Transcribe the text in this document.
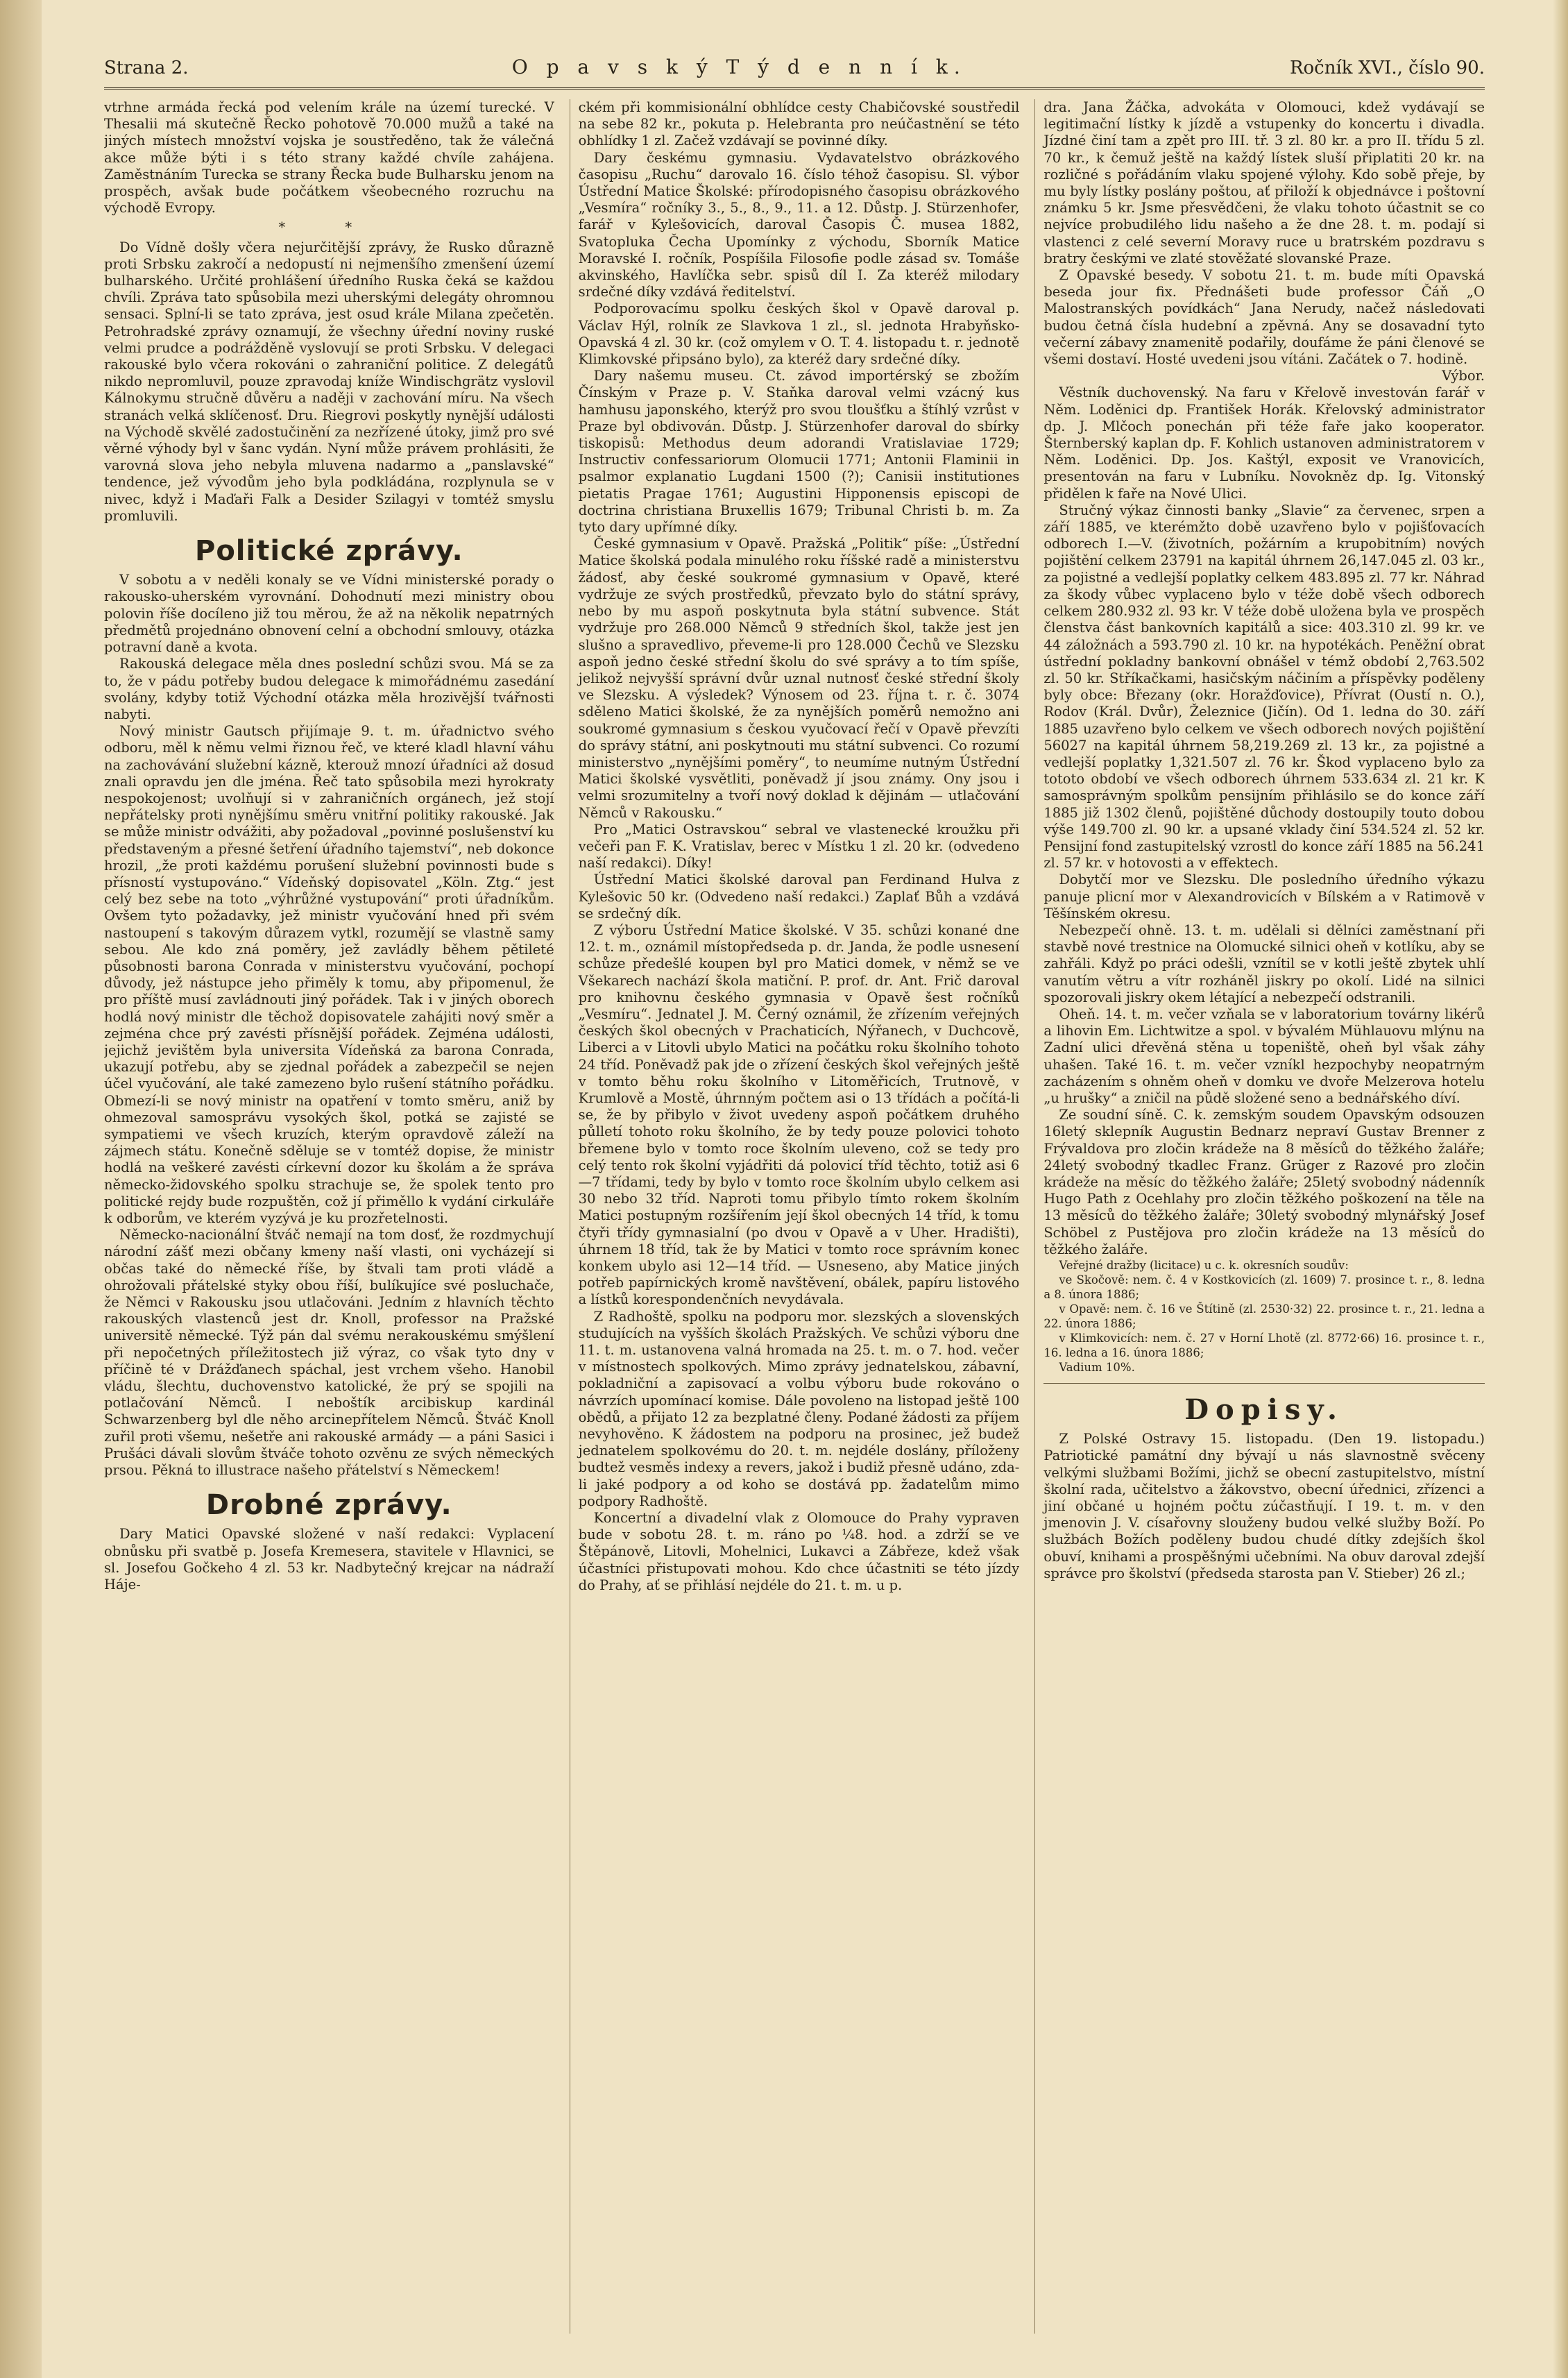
Strana 2.	O p a v s k ý T ý d e n n í k.	Ročník XVI., číslo 90.

vtrhne armáda řecká pod velením krále na území turecké. V Thesalii má skutečně Řecko pohotově 70.000 mužů a také na jiných místech množství vojska je soustředěno, tak že válečná akce může býti i s této strany každé chvíle zahájena. Zaměstnáním Turecka se strany Řecka bude Bulharsku jenom na prospěch, avšak bude počátkem všeobecného rozruchu na východě Evropy.

* *

Do Vídně došly včera nejurčitější zprávy, že Rusko důrazně proti Srbsku zakročí a nedopustí ni nejmenšího zmenšení území bulharského. Určité prohlášení úředního Ruska čeká se každou chvíli. Zpráva tato spůsobila mezi uherskými delegáty ohromnou sensaci. Splní-li se tato zpráva, jest osud krále Milana zpečetěn. Petrohradské zprávy oznamují, že všechny úřední noviny ruské velmi prudce a podrážděně vyslovují se proti Srbsku. V delegaci rakouské bylo včera rokováni o zahraniční politice. Z delegátů nikdo nepromluvil, pouze zpravodaj kníže Windischgrätz vyslovil Kálnokymu stručně důvěru a naději v zachování míru. Na všech stranách velká sklíčenosť. Dru. Riegrovi poskytly nynější události na Východě skvělé zadostučinění za nezřízené útoky, jimž pro své věrné výhody byl v šanc vydán. Nyní může právem prohlásiti, že varovná slova jeho nebyla mluvena nadarmo a „panslavské“ tendence, jež vývodům jeho byla podkládána, rozplynula se v nivec, když i Maďaři Falk a Desider Szilagyi v tomtéž smyslu promluvili.

Politické zprávy.

V sobotu a v neděli konaly se ve Vídni ministerské porady o rakousko-uherském vyrovnání. Dohodnutí mezi ministry obou polovin říše docíleno již tou měrou, že až na několik nepatrných předmětů projednáno obnovení celní a obchodní smlouvy, otázka potravní daně a kvota.

Rakouská delegace měla dnes poslední schůzi svou. Má se za to, že v pádu potřeby budou delegace k mimořádnému zasedání svolány, kdyby totiž Východní otázka měla hrozivější tvářnosti nabyti.

Nový ministr Gautsch přijímaje 9. t. m. úřadnictvo svého odboru, měl k němu velmi řiznou řeč, ve které kladl hlavní váhu na zachovávání služební kázně, kterouž mnozí úřadníci až dosud znali opravdu jen dle jména. Řeč tato spůsobila mezi hyrokraty nespokojenost; uvolňují si v zahraničních orgánech, jež stojí nepřátelsky proti nynějšímu směru vnitřní politiky rakouské. Jak se může ministr odvážiti, aby požadoval „povinné poslušenství ku představeným a přesné šetření úřadního tajemství“, neb dokonce hrozil, „že proti každému porušení služební povinnosti bude s přísností vystupováno.“ Vídeňský dopisovatel „Köln. Ztg.“ jest celý bez sebe na toto „výhrůžné vystupování“ proti úřadníkům. Ovšem tyto požadavky, jež ministr vyučování hned při svém nastoupení s takovým důrazem vytkl, rozumějí se vlastně samy sebou. Ale kdo zná poměry, jež zavládly během pětileté působnosti barona Conrada v ministerstvu vyučování, pochopí důvody, jež nástupce jeho přiměly k tomu, aby připomenul, že pro příště musí zavládnouti jiný pořádek. Tak i v jiných oborech hodlá nový ministr dle těchož dopisovatele zahájiti nový směr a zejména chce prý zavésti přísnější pořádek. Zejména události, jejichž jevištěm byla universita Vídeňská za barona Conrada, ukazují potřebu, aby se zjednal pořádek a zabezpečil se nejen účel vyučování, ale také zamezeno bylo rušení státního pořádku. Obmezí-li se nový ministr na opatření v tomto směru, aniž by ohmezoval samosprávu vysokých škol, potká se zajisté se sympatiemi ve všech kruzích, kterým opravdově záleží na zájmech státu. Konečně sděluje se v tomtéž dopise, že ministr hodlá na veškeré zavésti církevní dozor ku školám a že správa německo-židovského spolku strachuje se, že spolek tento pro politické rejdy bude rozpuštěn, což jí přiměllo k vydání cirkuláře k odborům, ve kterém vyzývá je ku prozřetelnosti.

Německo-nacionální štváč nemají na tom dosť, že rozdmychují národní zášť mezi občany kmeny naší vlasti, oni vycházejí si občas také do německé říše, by štvali tam proti vládě a ohrožovali přátelské styky obou říší, bulíkujíce své posluchače, že Němci v Rakousku jsou utlačováni. Jedním z hlavních těchto rakouských vlastenců jest dr. Knoll, professor na Pražské universitě německé. Týž pán dal svému nerakouskému smýšlení při nepočetných příležitostech již výraz, co však tyto dny v příčině té v Drážďanech spáchal, jest vrchem všeho. Hanobil vládu, šlechtu, duchovenstvo katolické, že prý se spojili na potlačování Němců. I neboštík arcibiskup kardinál Schwarzenberg byl dle něho arcinepřítelem Němců. Štváč Knoll zuřil proti všemu, nešetře ani rakouské armády — a páni Sasici i Prušáci dávali slovům štváče tohoto ozvěnu ze svých německých prsou. Pěkná to illustrace našeho přátelství s Německem!

Drobné zprávy.

Dary Matici Opavské složené v naší redakci: Vyplacení obnůsku při svatbě p. Josefa Kremesera, stavitele v Hlavnici, se sl. Josefou Gočkeho 4 zl. 53 kr. Nadbytečný krejcar na nádraží Háje-

ckém při kommisionální obhlídce cesty Chabičovské soustředil na sebe 82 kr., pokuta p. Helebranta pro neúčastnění se této obhlídky 1 zl. Začež vzdávají se povinné díky.

Dary českému gymnasiu. Vydavatelstvo obrázkového časopisu „Ruchu“ darovalo 16. číslo téhož časopisu. Sl. výbor Ústřední Matice Školské: přírodopisného časopisu obrázkového „Vesmíra“ ročníky 3., 5., 8., 9., 11. a 12. Důstp. J. Stürzenhofer, farář v Kylešovicích, daroval Časopis Č. musea 1882, Svatopluka Čecha Upomínky z východu, Sborník Matice Moravské I. ročník, Pospíšila Filosofie podle zásad sv. Tomáše akvinského, Havlíčka sebr. spisů díl I. Za kteréž milodary srdečné díky vzdává ředitelství.

Podporovacímu spolku českých škol v Opavě daroval p. Václav Hýl, rolník ze Slavkova 1 zl., sl. jednota Hrabyňsko-Opavská 4 zl. 30 kr. (což omylem v O. T. 4. listopadu t. r. jednotě Klimkovské připsáno bylo), za kteréž dary srdečné díky.

Dary našemu museu. Ct. závod importérský se zbožím Čínským v Praze p. V. Staňka daroval velmi vzácný kus hamhusu japonského, kterýž pro svou tloušťku a štíhlý vzrůst v Praze byl obdivován. Důstp. J. Stürzenhofer daroval do sbírky tiskopisů: Methodus deum adorandi Vratislaviae 1729; Instructiv confessariorum Olomucii 1771; Antonii Flaminii in psalmor explanatio Lugdani 1500 (?); Canisii institutiones pietatis Pragae 1761; Augustini Hipponensis episcopi de doctrina christiana Bruxellis 1679; Tribunal Christi b. m. Za tyto dary upřímné díky.

České gymnasium v Opavě. Pražská „Politik“ píše: „Ústřední Matice školská podala minulého roku říšské radě a ministerstvu žádosť, aby české soukromé gymnasium v Opavě, které vydržuje ze svých prostředků, převzato bylo do státní správy, nebo by mu aspoň poskytnuta byla státní subvence. Stát vydržuje pro 268.000 Němců 9 středních škol, takže jest jen slušno a spravedlivo, převeme-li pro 128.000 Čechů ve Slezsku aspoň jedno české střední školu do své správy a to tím spíše, jelikož nejvyšší správní dvůr uznal nutnosť české střední školy ve Slezsku. A výsledek? Výnosem od 23. října t. r. č. 3074 sděleno Matici školské, že za nynějších poměrů nemožno ani soukromé gymnasium s českou vyučovací řečí v Opavě převzíti do správy státní, ani poskytnouti mu státní subvenci. Co rozumí ministerstvo „nynějšími poměry“, to neumíme nutným Ústřední Matici školské vysvětliti, poněvadž jí jsou známy. Ony jsou i velmi srozumitelny a tvoří nový doklad k dějinám — utlačování Němců v Rakousku.“

Pro „Matici Ostravskou“ sebral ve vlastenecké kroužku při večeři pan F. K. Vratislav, berec v Místku 1 zl. 20 kr. (odvedeno naší redakci). Díky!

Ústřední Matici školské daroval pan Ferdinand Hulva z Kylešovic 50 kr. (Odvedeno naší redakci.) Zaplať Bůh a vzdává se srdečný dík.

Z výboru Ústřední Matice školské. V 35. schůzi konané dne 12. t. m., oznámil místopředseda p. dr. Janda, že podle usnesení schůze předešlé koupen byl pro Matici domek, v němž se ve Všekarech nachází škola matiční. P. prof. dr. Ant. Frič daroval pro knihovnu českého gymnasia v Opavě šest ročníků „Vesmíru“. Jednatel J. M. Černý oznámil, že zřízením veřejných českých škol obecných v Prachaticích, Nýřanech, v Duchcově, Liberci a v Litovli ubylo Matici na počátku roku školního tohoto 24 tříd. Poněvadž pak jde o zřízení českých škol veřejných ještě v tomto běhu roku školního v Litoměřicích, Trutnově, v Krumlově a Mostě, úhrnným počtem asi o 13 třídách a počítá-li se, že by přibylo v život uvedeny aspoň počátkem druhého půlletí tohoto roku školního, že by tedy pouze polovici tohoto břemene bylo v tomto roce školním ulevenо, což se tedy pro celý tento rok školní vyjádřiti dá polovicí tříd těchto, totiž asi 6—7 třídami, tedy by bylo v tomto roce školním ubylo celkem asi 30 nebo 32 tříd. Naproti tomu přibylo tímto rokem školním Matici postupným rozšířením její škol obecných 14 tříd, k tomu čtyři třídy gymnasialní (po dvou v Opavě a v Uher. Hradišti), úhrnem 18 tříd, tak že by Matici v tomto roce správním konec konkem ubylo asi 12—14 tříd. — Usneseno, aby Matice jiných potřeb papírnických kromě navštěvení, obálek, papíru listového a lístků korespondenčních nevydávala.

Z Radhoště, spolku na podporu mor. slezských a slovenských studujících na vyšších školách Pražských. Ve schůzi výboru dne 11. t. m. ustanovena valná hromada na 25. t. m. o 7. hod. večer v místnostech spolkových. Mimo zprávy jednatelskou, zábavní, pokladniční a zapisovací a volbu výboru bude rokováno o návrzích upomínací komise. Dále povoleno na listopad ještě 100 obědů, a přijato 12 za bezplatné členy. Podané žádosti za příjem nevyhověno. K žádostem na podporu na prosinec, jež budež jednatelem spolkovému do 20. t. m. nejdéle doslány, příloženy budtež vesměs indexy a revers, jakož i budiž přesně udáno, zda-li jaké podpory a od koho se dostává pp. žadatelům mimo podpory Radhoště.

Koncertní a divadelní vlak z Olomouce do Prahy vypraven bude v sobotu 28. t. m. ráno po ¼8. hod. a zdrží se ve Štěpánově, Litovli, Mohelnici, Lukavci a Zábřeze, kdež však účastníci přistupovati mohou. Kdo chce účastniti se této jízdy do Prahy, ať se přihlásí nejdéle do 21. t. m. u p.

dra. Jana Žáčka, advokáta v Olomouci, kdež vydávají se legitimační lístky k jízdě a vstupenky do koncertu i divadla. Jízdné činí tam a zpět pro III. tř. 3 zl. 80 kr. a pro II. třídu 5 zl. 70 kr., k čemuž ještě na každý lístek sluší připlatiti 20 kr. na rozličné s pořádáním vlaku spojené výlohy. Kdo sobě přeje, by mu byly lístky poslány poštou, ať přiloží k objednávce i poštovní známku 5 kr. Jsme přesvědčeni, že vlaku tohoto účastnit se co nejvíce probudilého lidu našeho a že dne 28. t. m. podají si vlastenci z celé severní Moravy ruce u bratrském pozdravu s bratry českými ve zlaté stověžaté slovanské Praze.

Z Opavské besedy. V sobotu 21. t. m. bude míti Opavská beseda jour fix. Přednášeti bude professor Čáň „O Malostranských povídkách“ Jana Nerudy, načež následovati budou četná čísla hudební a zpěvná. Any se dosavadní tyto večerní zábavy znamenitě podařily, doufáme že páni členové se všemi dostaví. Hosté uvedeni jsou vítáni. Začátek o 7. hodině.

Výbor.

Věstník duchovenský. Na faru v Křelově investován farář v Něm. Loděnici dp. František Horák. Křelovský administrator dp. J. Mlčoch ponechán při téže faře jako kooperator. Šternberský kaplan dp. F. Kohlich ustanoven administratorem v Něm. Loděnici. Dp. Jos. Kaštýl, exposit ve Vranovicích, presentován na faru v Lubníku. Novokněz dp. Ig. Vitonský přidělen k faře na Nové Ulici.

Stručný výkaz činnosti banky „Slavie“ za červenec, srpen a září 1885, ve kterémžto době uzavřeno bylo v pojišťovacích odborech I.—V. (životních, požárním a krupobitním) nových pojištění celkem 23791 na kapitál úhrnem 26,147.045 zl. 03 kr., za pojistné a vedlejší poplatky celkem 483.895 zl. 77 kr. Náhrad za škody vůbec vyplaceno bylo v téže době všech odborech celkem 280.932 zl. 93 kr. V téže době uložena byla ve prospěch členstva část bankovních kapitálů a sice: 403.310 zl. 99 kr. ve 44 záložnách a 593.790 zl. 10 kr. na hypotékách. Peněžní obrat ústřední pokladny bankovní obnášel v témž období 2,763.502 zl. 50 kr. Stříkačkami, hasičským náčiním a příspěvky poděleny byly obce: Březany (okr. Horažďovice), Přívrat (Oustí n. O.), Rodov (Král. Dvůr), Železnice (Jičín). Od 1. ledna do 30. září 1885 uzavřeno bylo celkem ve všech odborech nových pojištění 56027 na kapitál úhrnem 58,219.269 zl. 13 kr., za pojistné a vedlejší poplatky 1,321.507 zl. 76 kr. Škod vyplaceno bylo za tototo období ve všech odborech úhrnem 533.634 zl. 21 kr. K samosprávným spolkům pensijním přihlásilo se do konce září 1885 již 1302 členů, pojištěné důchody dostoupily touto dobou výše 149.700 zl. 90 kr. a upsané vklady činí 534.524 zl. 52 kr. Pensijní fond zastupitelský vzrostl do konce září 1885 na 56.241 zl. 57 kr. v hotovosti a v effektech.

Dobytčí mor ve Slezsku. Dle posledního úředního výkazu panuje plicní mor v Alexandrovicích v Bílském a v Ratimově v Těšínském okresu.

Nebezpečí ohně. 13. t. m. udělali si dělníci zaměstnaní při stavbě nové trestnice na Olomucké silnici oheň v kotlíku, aby se zahřáli. Když po práci odešli, vznítil se v kotli ještě zbytek uhlí vanutím větru a vítr rozháněl jiskry po okolí. Lidé na silnici spozorovali jiskry okem létající a nebezpečí odstranili.

Oheň. 14. t. m. večer vzňala se v laboratorium továrny likérů a lihovin Em. Lichtwitze a spol. v bývalém Mühlauovu mlýnu na Zadní ulici dřevěná stěna u topeniště, oheň byl však záhy uhašen. Také 16. t. m. večer vzníkl hezpochyby neopatrným zacházením s ohněm oheň v domku ve dvoře Melzerova hotelu „u hrušky“ a zničil na půdě složené seno a bednářského díví.

Ze soudní síně. C. k. zemským soudem Opavským odsouzen 16letý sklepník Augustin Bednarz nepraví Gustav Brenner z Frývaldova pro zločin krádeže na 8 měsíců do těžkého žaláře; 24letý svobodný tkadlec Franz. Grüger z Razové pro zločin krádeže na měsíc do těžkého žaláře; 25letý svobodný nádenník Hugo Path z Ocehlahy pro zločin těžkého poškození na těle na 13 měsíců do těžkého žaláře; 30letý svobodný mlynářský Josef Schöbel z Pustějova pro zločin krádeže na 13 měsíců do těžkého žaláře.

Veřejné dražby (licitace) u c. k. okresních soudův:

ve Skočově: nem. č. 4 v Kostkovicích (zl. 1609) 7. prosince t. r., 8. ledna a 8. února 1886;

v Opavě: nem. č. 16 ve Štítině (zl. 2530·32) 22. prosince t. r., 21. ledna a 22. února 1886;

v Klimkovicích: nem. č. 27 v Horní Lhotě (zl. 8772·66) 16. prosince t. r., 16. ledna a 16. února 1886;

Vadium 10%.

Dopisy.

Z Polské Ostravy 15. listopadu. (Den 19. listopadu.) Patriotické památní dny bývají u nás slavnostně svěceny velkými službami Božími, jichž se obecní zastupitelstvo, místní školní rada, učitelstvo a žákovstvo, obecní úřednici, zřízenci a jiní občané u hojném počtu zúčastňují. I 19. t. m. v den jmenovin J. V. císařovny slouženy budou velké služby Boží. Po službách Božích poděleny budou chudé dítky zdejších škol obuví, knihami a prospěšnými učebními. Na obuv daroval zdejší správce pro školství (předseda starosta pan V. Stieber) 26 zl.;
